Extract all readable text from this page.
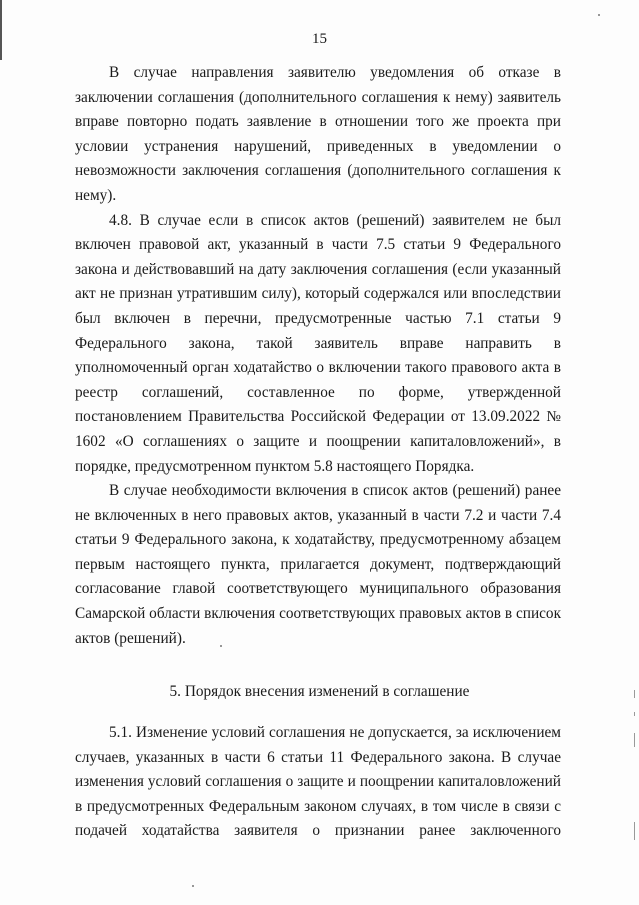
15

В случае направления заявителю уведомления об отказе в заключении соглашения (дополнительного соглашения к нему) заявитель вправе повторно подать заявление в отношении того же проекта при условии устранения нарушений, приведенных в уведомлении о невозможности заключения соглашения (дополнительного соглашения к нему).

4.8. В случае если в список актов (решений) заявителем не был включен правовой акт, указанный в части 7.5 статьи 9 Федерального закона и действовавший на дату заключения соглашения (если указанный акт не признан утратившим силу), который содержался или впоследствии был включен в перечни, предусмотренные частью 7.1 статьи 9 Федерального закона, такой заявитель вправе направить в уполномоченный орган ходатайство о включении такого правового акта в реестр соглашений, составленное по форме, утвержденной постановлением Правительства Российской Федерации от 13.09.2022 № 1602 «О соглашениях о защите и поощрении капиталовложений», в порядке, предусмотренном пунктом 5.8 настоящего Порядка.

В случае необходимости включения в список актов (решений) ранее не включенных в него правовых актов, указанный в части 7.2 и части 7.4 статьи 9 Федерального закона, к ходатайству, предусмотренному абзацем первым настоящего пункта, прилагается документ, подтверждающий согласование главой соответствующего муниципального образования Самарской области включения соответствующих правовых актов в список актов (решений).

5. Порядок внесения изменений в соглашение

5.1. Изменение условий соглашения не допускается, за исключением случаев, указанных в части 6 статьи 11 Федерального закона. В случае изменения условий соглашения о защите и поощрении капиталовложений в предусмотренных Федеральным законом случаях, в том числе в связи с подачей ходатайства заявителя о признании ранее заключенного
